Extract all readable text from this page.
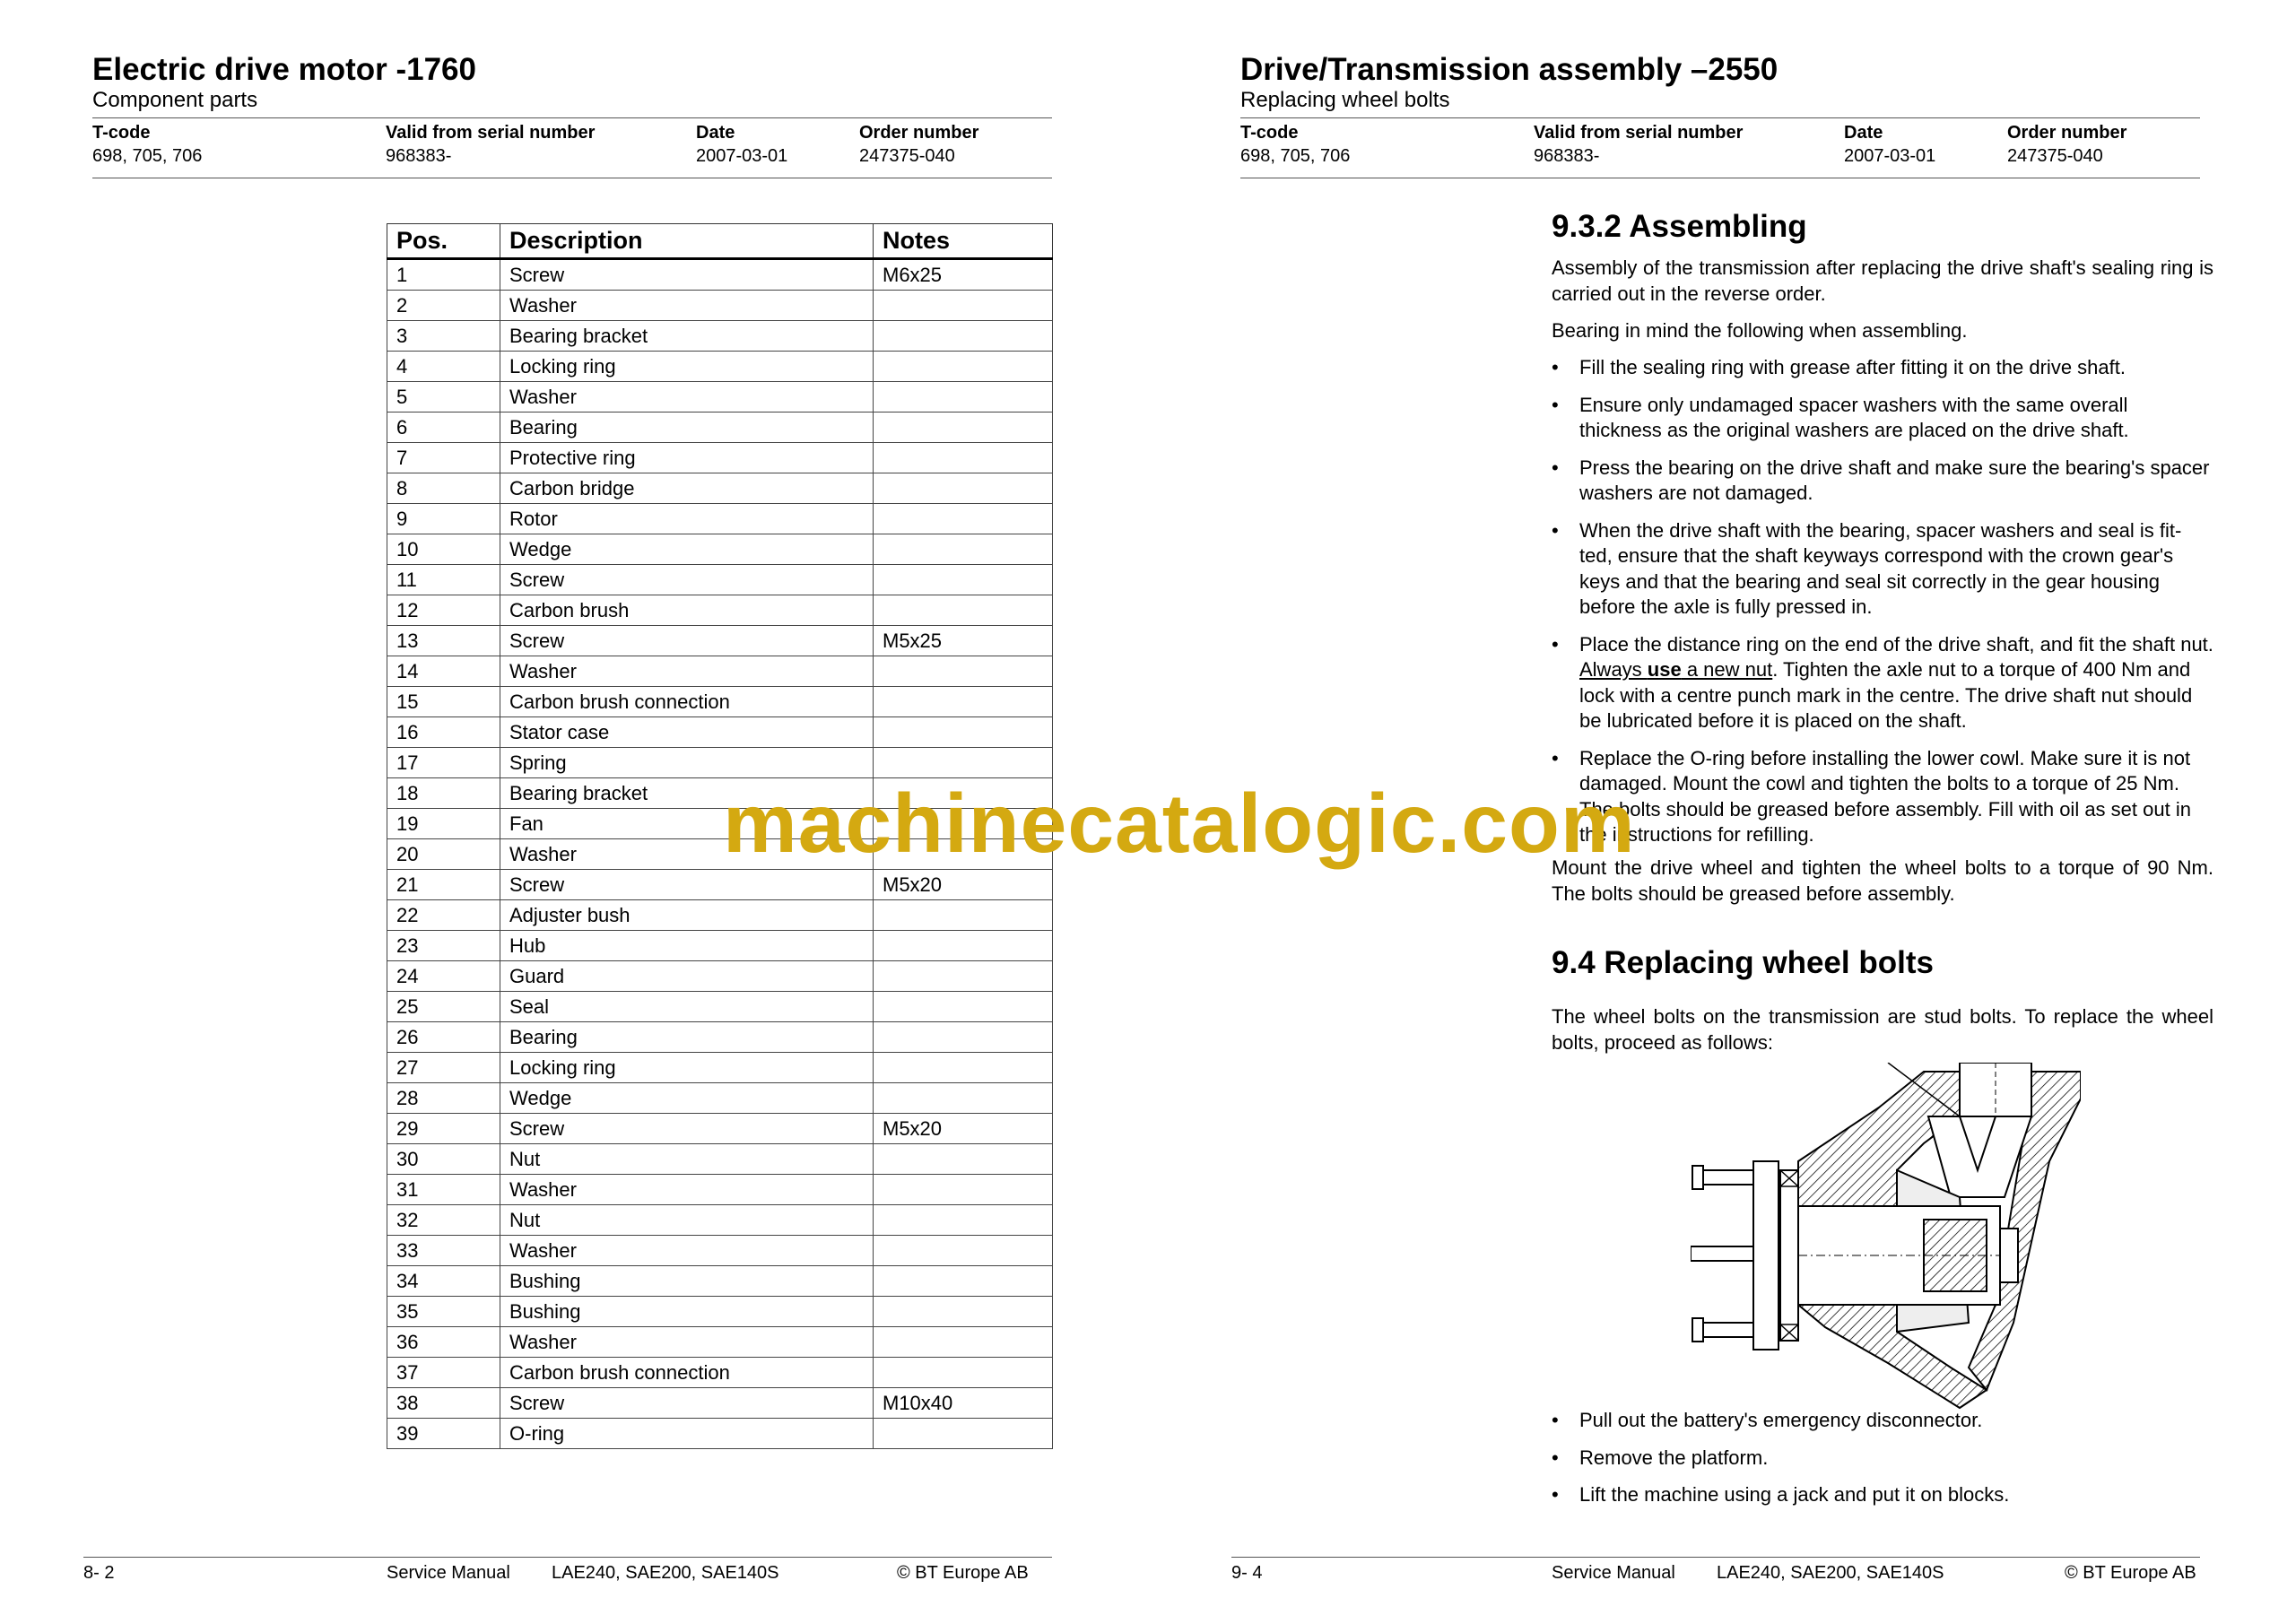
Electric drive motor -1760
Component parts
T-code	Valid from serial number	Date	Order number
698, 705, 706	968383-	2007-03-01	247375-040
Pos.	Description	Notes
1	Screw	M6x25
2	Washer	
3	Bearing bracket	
4	Locking ring	
5	Washer	
6	Bearing	
7	Protective ring	
8	Carbon bridge	
9	Rotor	
10	Wedge	
11	Screw	
12	Carbon brush	
13	Screw	M5x25
14	Washer	
15	Carbon brush connection	
16	Stator case	
17	Spring	
18	Bearing bracket	
19	Fan	
20	Washer	
21	Screw	M5x20
22	Adjuster bush	
23	Hub	
24	Guard	
25	Seal	
26	Bearing	
27	Locking ring	
28	Wedge	
29	Screw	M5x20
30	Nut	
31	Washer	
32	Nut	
33	Washer	
34	Bushing	
35	Bushing	
36	Washer	
37	Carbon brush connection	
38	Screw	M10x40
39	O-ring	
8- 2	Service Manual LAE240, SAE200, SAE140S	© BT Europe AB
Drive/Transmission assembly –2550
Replacing wheel bolts
T-code	Valid from serial number	Date	Order number
698, 705, 706	968383-	2007-03-01	247375-040
9.3.2 Assembling
Assembly of the transmission after replacing the drive shaft's sealing ring is carried out in the reverse order.
Bearing in mind the following when assembling.
• Fill the sealing ring with grease after fitting it on the drive shaft.
• Ensure only undamaged spacer washers with the same overall thickness as the original washers are placed on the drive shaft.
• Press the bearing on the drive shaft and make sure the bearing's spacer washers are not damaged.
• When the drive shaft with the bearing, spacer washers and seal is fit-ted, ensure that the shaft keyways correspond with the crown gear's keys and that the bearing and seal sit correctly in the gear housing before the axle is fully pressed in.
• Place the distance ring on the end of the drive shaft, and fit the shaft nut. Always use a new nut. Tighten the axle nut to a torque of 400 Nm and lock with a centre punch mark in the centre. The drive shaft nut should be lubricated before it is placed on the shaft.
• Replace the O-ring before installing the lower cowl. Make sure it is not damaged. Mount the cowl and tighten the bolts to a torque of 25 Nm. The bolts should be greased before assembly. Fill with oil as set out in the instructions for refilling.
Mount the drive wheel and tighten the wheel bolts to a torque of 90 Nm. The bolts should be greased before assembly.
9.4 Replacing wheel bolts
The wheel bolts on the transmission are stud bolts. To replace the wheel bolts, proceed as follows:
• Pull out the battery's emergency disconnector.
• Remove the platform.
• Lift the machine using a jack and put it on blocks.
9- 4	Service Manual LAE240, SAE200, SAE140S	© BT Europe AB
machinecatalogic.com
